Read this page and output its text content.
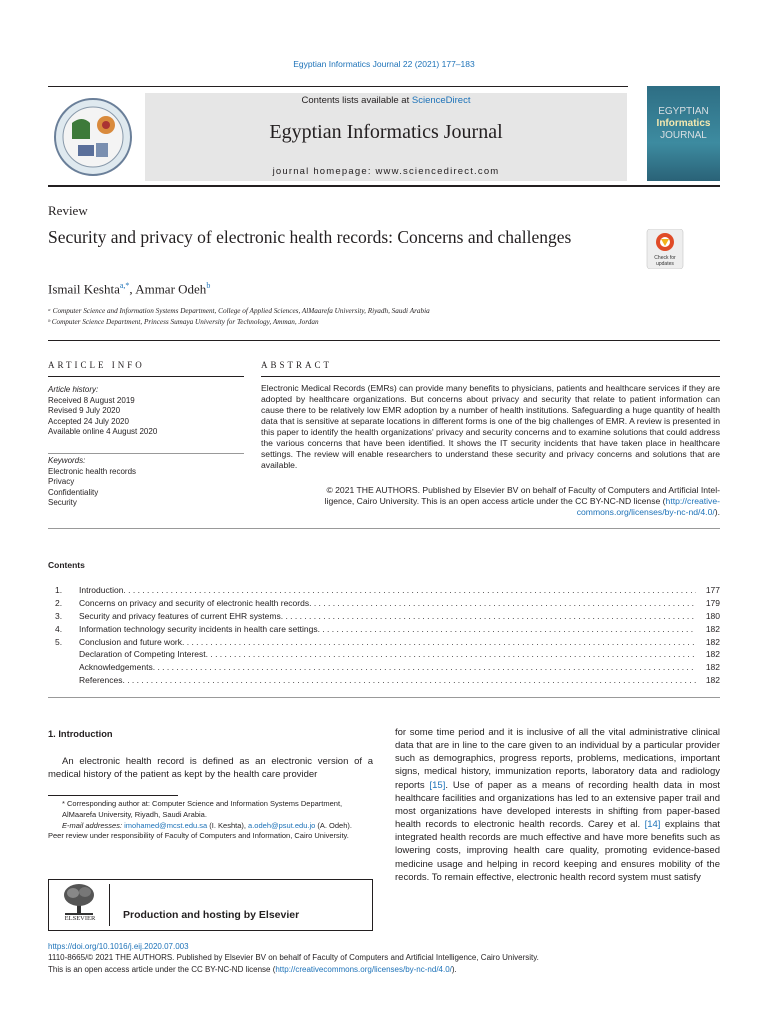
Egyptian Informatics Journal 22 (2021) 177–183
Contents lists available at ScienceDirect
Egyptian Informatics Journal
journal homepage: www.sciencedirect.com
EGYPTIAN
Informatics
JOURNAL
Review
Security and privacy of electronic health records: Concerns and challenges
Check for
updates
Ismail Keshta$^{a,*}$, Ammar Odeh$^b$
ᵃ Computer Science and Information Systems Department, College of Applied Sciences, AlMaarefa University, Riyadh, Saudi Arabia
ᵇ Computer Science Department, Princess Sumaya University for Technology, Amman, Jordan
ARTICLE INFO	ABSTRACT
Article history:
Received 8 August 2019
Revised 9 July 2020
Accepted 24 July 2020
Available online 4 August 2020
Keywords:
Electronic health records
Privacy
Confidentiality
Security
Electronic Medical Records (EMRs) can provide many benefits to physicians, patients and healthcare services if they are adopted by healthcare organizations. But concerns about privacy and security that relate to patient information can cause there to be relatively low EMR adoption by a number of health institutions. Safeguarding a huge quantity of health data that is sensitive at separate locations in different forms is one of the big challenges of EMR. A review is presented in this paper to identify the health organizations' privacy and security concerns and to examine solutions that could address the various concerns that have been identified. It shows the IT security incidents that have taken place in healthcare settings. The review will enable researchers to understand these security and privacy concerns and solutions that are available.
© 2021 THE AUTHORS. Published by Elsevier BV on behalf of Faculty of Computers and Artificial Intel-
ligence, Cairo University. This is an open access article under the CC BY-NC-ND license (http://creative-
commons.org/licenses/by-nc-nd/4.0/).
Contents
1.	Introduction . . .	177
2.	Concerns on privacy and security of electronic health records . . .	179
3.	Security and privacy features of current EHR systems . . .	180
4.	Information technology security incidents in health care settings . . .	182
5.	Conclusion and future work . . .	182
Declaration of Competing Interest . . .	182
Acknowledgements . . .	182
References . . .	182
1. Introduction
An electronic health record is defined as an electronic version of a medical history of the patient as kept by the health care provider
* Corresponding author at: Computer Science and Information Systems Department, AlMaarefa University, Riyadh, Saudi Arabia.
E-mail addresses: imohamed@mcst.edu.sa (I. Keshta), a.odeh@psut.edu.jo (A. Odeh).
Peer review under responsibility of Faculty of Computers and Information, Cairo University.
for some time period and it is inclusive of all the vital administrative clinical data that are in line to the care given to an individual by a particular provider such as demographics, progress reports, problems, medications, important signs, medical history, immunization reports, laboratory data and radiology reports [15]. Use of paper as a means of recording health data in most healthcare facilities and organizations has led to an extensive paper trail and most organizations have developed interests in shifting from paper-based health records to electronic health records. Carey et al. [14] explains that integrated health records are much effective and have more benefits such as lowering costs, improving health care quality, promoting evidence-based medicine usage and helping in record keeping and ensures mobility of the records. To remain effective, electronic health record system must satisfy
ELSEVIER	Production and hosting by Elsevier
https://doi.org/10.1016/j.eij.2020.07.003
1110-8665/© 2021 THE AUTHORS. Published by Elsevier BV on behalf of Faculty of Computers and Artificial Intelligence, Cairo University.
This is an open access article under the CC BY-NC-ND license (http://creativecommons.org/licenses/by-nc-nd/4.0/).
